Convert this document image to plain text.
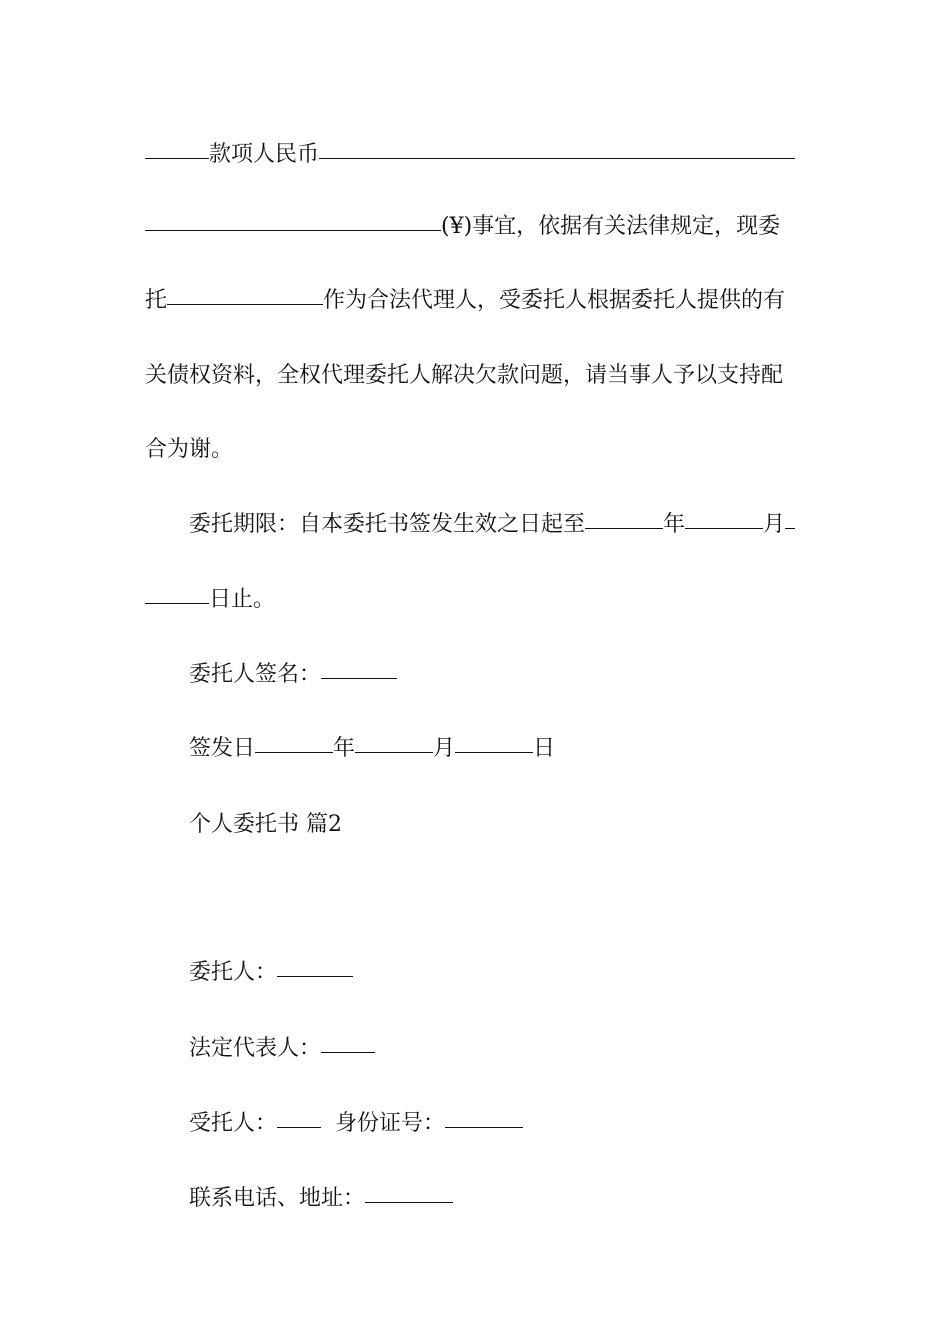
款项人民币
(¥)事宜，依据有关法律规定，现委
托	作为合法代理人，受委托人根据委托人提供的有
关债权资料，全权代理委托人解决欠款问题，请当事人予以支持配
合为谢。
委托期限：自本委托书签发生效之日起至	年	月
日止。
委托人签名：
签发日	年	月	日
个人委托书 篇2
委托人：
法定代表人：
受托人：	身份证号：
联系电话、地址：
